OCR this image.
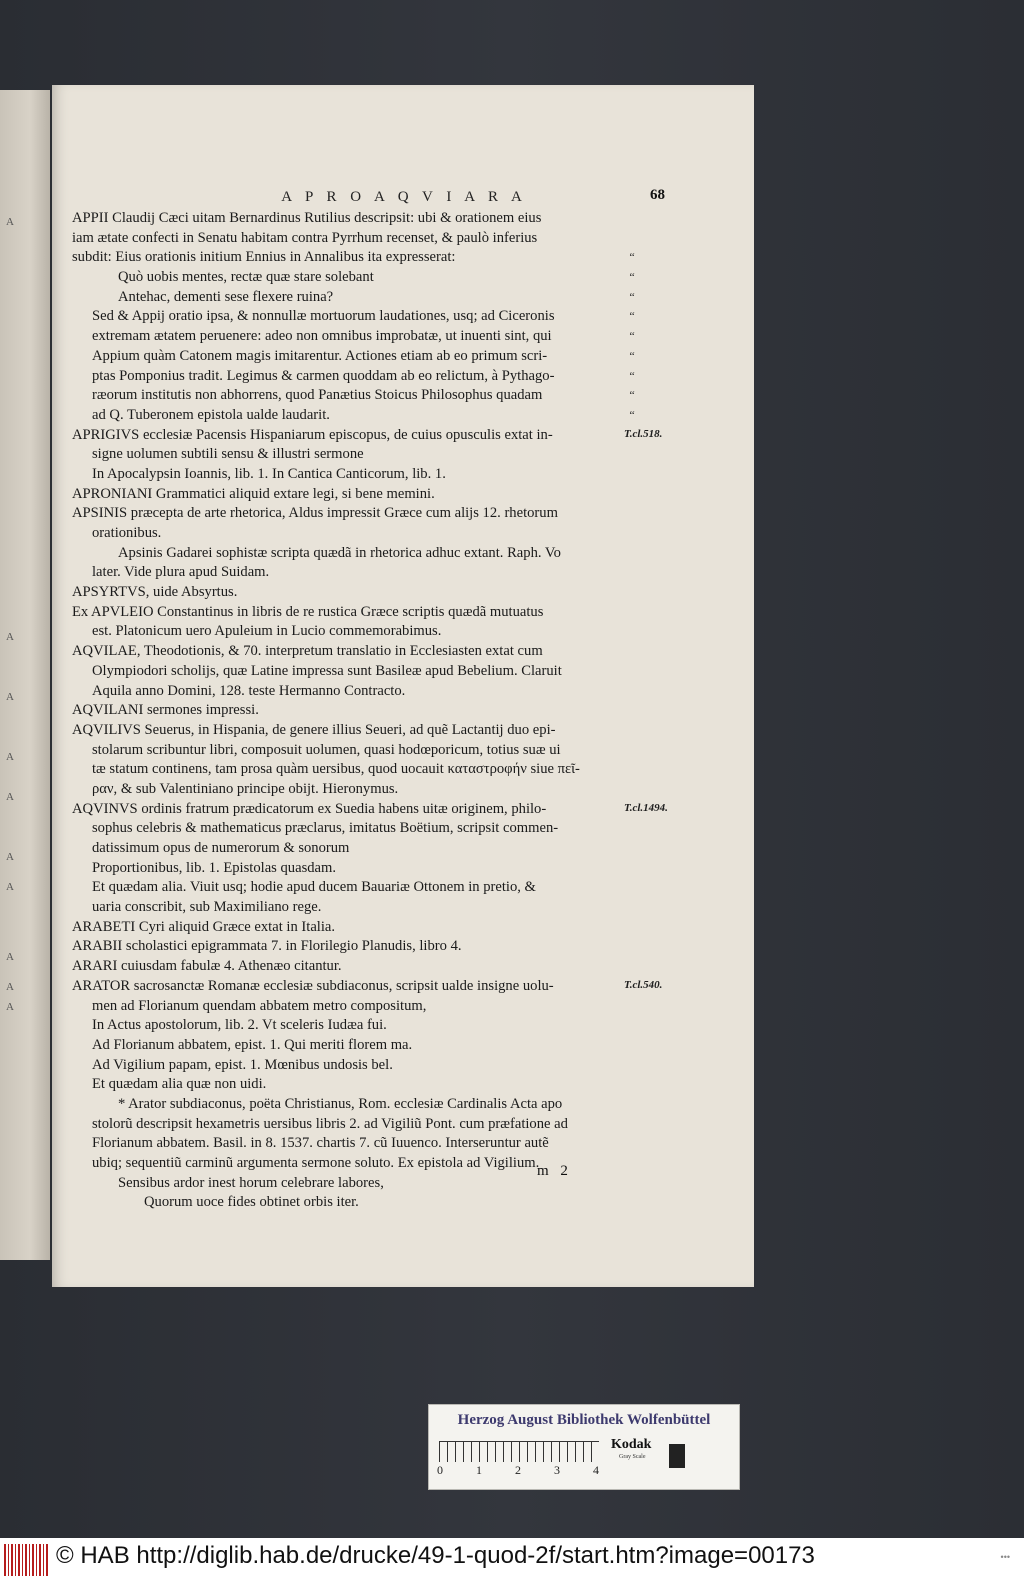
A
A
A
A
A
A
A
A
A
A
A P R O A Q V I A R A	68
APPII Claudij Cæci uitam Bernardinus Rutilius descripsit: ubi & orationem eius
iam ætate confecti in Senatu habitam contra Pyrrhum recenset, & paulò inferius
subdit: Eius orationis initium Ennius in Annalibus ita expresserat:
Quò uobis mentes, rectæ quæ stare solebant
Antehac, dementi sese flexere ruina?
Sed & Appij oratio ipsa, & nonnullæ mortuorum laudationes, usq; ad Ciceronis
extremam ætatem peruenere: adeo non omnibus improbatæ, ut inuenti sint, qui
Appium quàm Catonem magis imitarentur. Actiones etiam ab eo primum scri-
ptas Pomponius tradit. Legimus & carmen quoddam ab eo relictum, à Pythago-
ræorum institutis non abhorrens, quod Panætius Stoicus Philosophus quadam
ad Q. Tuberonem epistola ualde laudarit.
APRIGIVS ecclesiæ Pacensis Hispaniarum episcopus, de cuius opusculis extat in-
signe uolumen subtili sensu & illustri sermone
In Apocalypsin Ioannis, lib. 1. In Cantica Canticorum, lib. 1.
APRONIANI Grammatici aliquid extare legi, si bene memini.
APSINIS præcepta de arte rhetorica, Aldus impressit Græce cum alijs 12. rhetorum
orationibus.
Apsinis Gadarei sophistæ scripta quædã in rhetorica adhuc extant. Raph. Vo
later. Vide plura apud Suidam.
APSYRTVS, uide Absyrtus.
Ex APVLEIO Constantinus in libris de re rustica Græce scriptis quædã mutuatus
est. Platonicum uero Apuleium in Lucio commemorabimus.
AQVILAE, Theodotionis, & 70. interpretum translatio in Ecclesiasten extat cum
Olympiodori scholijs, quæ Latine impressa sunt Basileæ apud Bebelium. Claruit
Aquila anno Domini, 128. teste Hermanno Contracto.
AQVILANI sermones impressi.
AQVILIVS Seuerus, in Hispania, de genere illius Seueri, ad quẽ Lactantij duo epi-
stolarum scribuntur libri, composuit uolumen, quasi hodœporicum, totius suæ ui
tæ statum continens, tam prosa quàm uersibus, quod uocauit καταστροφήν siue πεῖ-
ραν, & sub Valentiniano principe obijt. Hieronymus.
AQVINVS ordinis fratrum prædicatorum ex Suedia habens uitæ originem, philo-
sophus celebris & mathematicus præclarus, imitatus Boëtium, scripsit commen-
datissimum opus de numerorum & sonorum
Proportionibus, lib. 1. Epistolas quasdam.
Et quædam alia. Viuit usq; hodie apud ducem Bauariæ Ottonem in pretio, &
uaria conscribit, sub Maximiliano rege.
ARABETI Cyri aliquid Græce extat in Italia.
ARABII scholastici epigrammata 7. in Florilegio Planudis, libro 4.
ARARI cuiusdam fabulæ 4. Athenæo citantur.
ARATOR sacrosanctæ Romanæ ecclesiæ subdiaconus, scripsit ualde insigne uolu-
men ad Florianum quendam abbatem metro compositum,
In Actus apostolorum, lib. 2. Vt sceleris Iudæa fui.
Ad Florianum abbatem, epist. 1. Qui meriti florem ma.
Ad Vigilium papam, epist. 1. Mœnibus undosis bel.
Et quædam alia quæ non uidi.
* Arator subdiaconus, poëta Christianus, Rom. ecclesiæ Cardinalis Acta apo
stolorũ descripsit hexametris uersibus libris 2. ad Vigiliũ Pont. cum præfatione ad
Florianum abbatem. Basil. in 8. 1537. chartis 7. cũ Iuuenco. Interseruntur autẽ
ubiq; sequentiũ carminũ argumenta sermone soluto. Ex epistola ad Vigilium.
Sensibus ardor inest horum celebrare labores,
Quorum uoce fides obtinet orbis iter.
“
“
“
“
“
“
“
“
“
T.cl.518.
T.cl.1494.
T.cl.540.
m 2
Herzog August Bibliothek Wolfenbüttel
0	1	2	3	4
Kodak
Gray Scale
© HAB http://diglib.hab.de/drucke/49-1-quod-2f/start.htm?image=00173	•••
